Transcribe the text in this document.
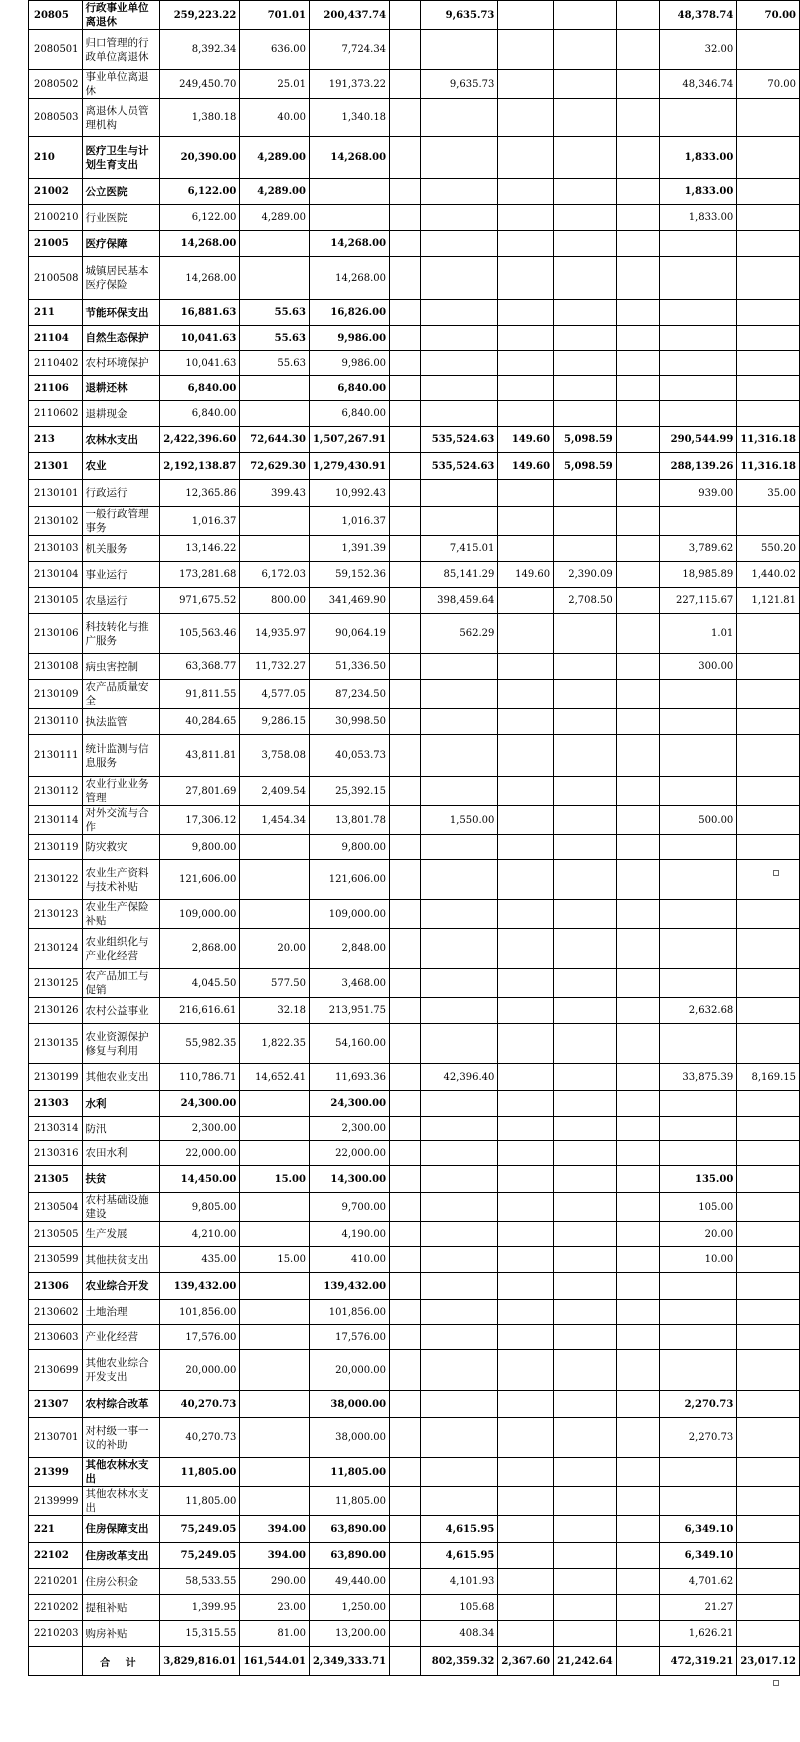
20805	行政事业单位离退休	259,223.22	701.01	200,437.74		9,635.73				48,378.74	70.00
2080501	归口管理的行政单位离退休	8,392.34	636.00	7,724.34						32.00	
2080502	事业单位离退休	249,450.70	25.01	191,373.22		9,635.73				48,346.74	70.00
2080503	离退休人员管理机构	1,380.18	40.00	1,340.18							
210	医疗卫生与计划生育支出	20,390.00	4,289.00	14,268.00						1,833.00	
21002	公立医院	6,122.00	4,289.00							1,833.00	
2100210	行业医院	6,122.00	4,289.00							1,833.00	
21005	医疗保障	14,268.00		14,268.00							
2100508	城镇居民基本医疗保险	14,268.00		14,268.00							
211	节能环保支出	16,881.63	55.63	16,826.00							
21104	自然生态保护	10,041.63	55.63	9,986.00							
2110402	农村环境保护	10,041.63	55.63	9,986.00							
21106	退耕还林	6,840.00		6,840.00							
2110602	退耕现金	6,840.00		6,840.00							
213	农林水支出	2,422,396.60	72,644.30	1,507,267.91		535,524.63	149.60	5,098.59		290,544.99	11,316.18
21301	农业	2,192,138.87	72,629.30	1,279,430.91		535,524.63	149.60	5,098.59		288,139.26	11,316.18
2130101	行政运行	12,365.86	399.43	10,992.43						939.00	35.00
2130102	一般行政管理事务	1,016.37		1,016.37							
2130103	机关服务	13,146.22		1,391.39		7,415.01				3,789.62	550.20
2130104	事业运行	173,281.68	6,172.03	59,152.36		85,141.29	149.60	2,390.09		18,985.89	1,440.02
2130105	农垦运行	971,675.52	800.00	341,469.90		398,459.64		2,708.50		227,115.67	1,121.81
2130106	科技转化与推广服务	105,563.46	14,935.97	90,064.19		562.29				1.01	
2130108	病虫害控制	63,368.77	11,732.27	51,336.50						300.00	
2130109	农产品质量安全	91,811.55	4,577.05	87,234.50							
2130110	执法监管	40,284.65	9,286.15	30,998.50							
2130111	统计监测与信息服务	43,811.81	3,758.08	40,053.73							
2130112	农业行业业务管理	27,801.69	2,409.54	25,392.15							
2130114	对外交流与合作	17,306.12	1,454.34	13,801.78		1,550.00				500.00	
2130119	防灾救灾	9,800.00		9,800.00							
2130122	农业生产资料与技术补贴	121,606.00		121,606.00							
2130123	农业生产保险补贴	109,000.00		109,000.00							
2130124	农业组织化与产业化经营	2,868.00	20.00	2,848.00							
2130125	农产品加工与促销	4,045.50	577.50	3,468.00							
2130126	农村公益事业	216,616.61	32.18	213,951.75						2,632.68	
2130135	农业资源保护修复与利用	55,982.35	1,822.35	54,160.00							
2130199	其他农业支出	110,786.71	14,652.41	11,693.36		42,396.40				33,875.39	8,169.15
21303	水利	24,300.00		24,300.00							
2130314	防汛	2,300.00		2,300.00							
2130316	农田水利	22,000.00		22,000.00							
21305	扶贫	14,450.00	15.00	14,300.00						135.00	
2130504	农村基础设施建设	9,805.00		9,700.00						105.00	
2130505	生产发展	4,210.00		4,190.00						20.00	
2130599	其他扶贫支出	435.00	15.00	410.00						10.00	
21306	农业综合开发	139,432.00		139,432.00							
2130602	土地治理	101,856.00		101,856.00							
2130603	产业化经营	17,576.00		17,576.00							
2130699	其他农业综合开发支出	20,000.00		20,000.00							
21307	农村综合改革	40,270.73		38,000.00						2,270.73	
2130701	对村级一事一议的补助	40,270.73		38,000.00						2,270.73	
21399	其他农林水支出	11,805.00		11,805.00							
2139999	其他农林水支出	11,805.00		11,805.00							
221	住房保障支出	75,249.05	394.00	63,890.00		4,615.95				6,349.10	
22102	住房改革支出	75,249.05	394.00	63,890.00		4,615.95				6,349.10	
2210201	住房公积金	58,533.55	290.00	49,440.00		4,101.93				4,701.62	
2210202	提租补贴	1,399.95	23.00	1,250.00		105.68				21.27	
2210203	购房补贴	15,315.55	81.00	13,200.00		408.34				1,626.21	
	合 计	3,829,816.01	161,544.01	2,349,333.71		802,359.32	2,367.60	21,242.64		472,319.21	23,017.12
